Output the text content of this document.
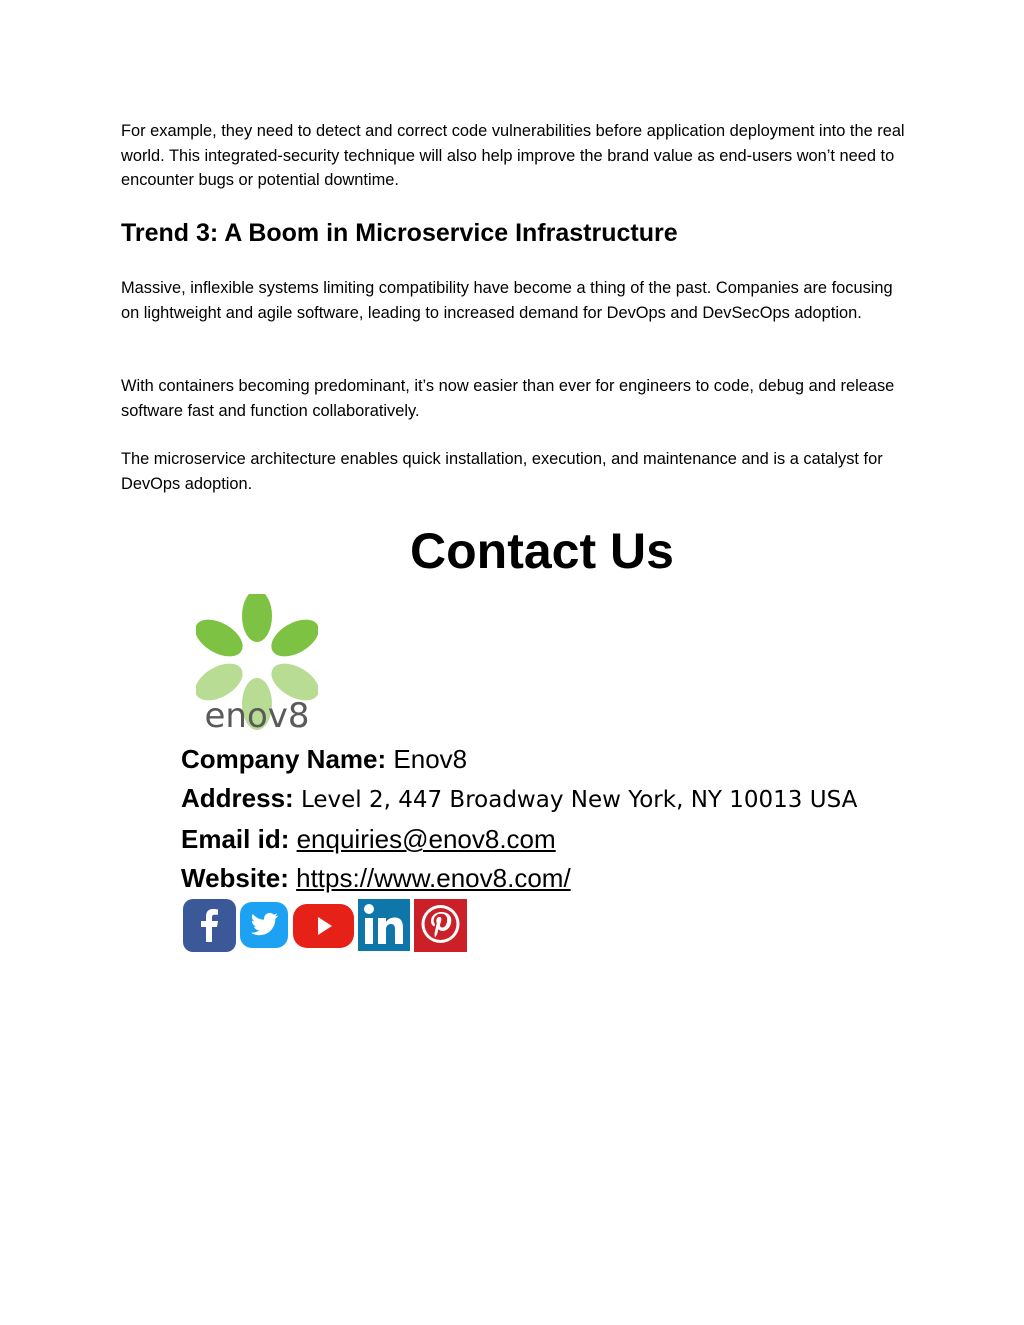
For example, they need to detect and correct code vulnerabilities before application deployment into the real world. This integrated-security technique will also help improve the brand value as end-users won’t need to encounter bugs or potential downtime.

Trend 3: A Boom in Microservice Infrastructure

Massive, inflexible systems limiting compatibility have become a thing of the past. Companies are focusing on lightweight and agile software, leading to increased demand for DevOps and DevSecOps adoption.

With containers becoming predominant, it’s now easier than ever for engineers to code, debug and release software fast and function collaboratively.

The microservice architecture enables quick installation, execution, and maintenance and is a catalyst for DevOps adoption.

Contact Us
enov8
Company Name: Enov8
Address: Level 2, 447 Broadway New York, NY 10013 USA
Email id: enquiries@enov8.com
Website: https://www.enov8.com/
